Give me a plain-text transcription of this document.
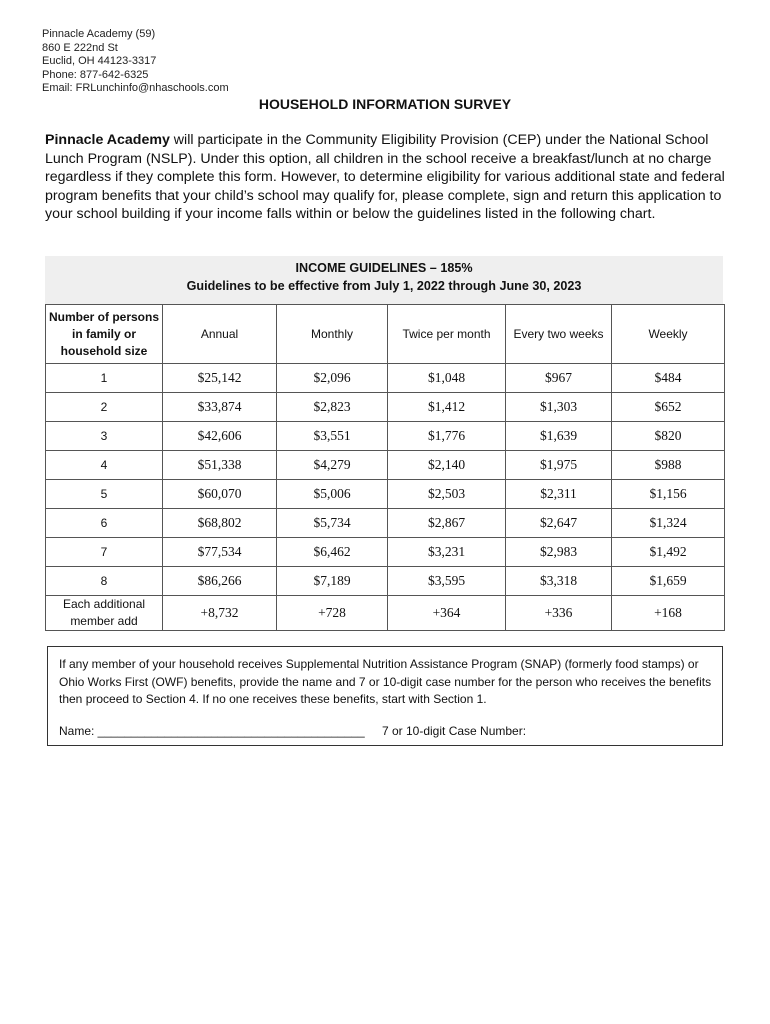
Pinnacle Academy (59)
860 E 222nd St
Euclid, OH 44123-3317
Phone: 877-642-6325
Email: FRLunchinfo@nhaschools.com
HOUSEHOLD INFORMATION SURVEY
Pinnacle Academy will participate in the Community Eligibility Provision (CEP) under the National School Lunch Program (NSLP). Under this option, all children in the school receive a breakfast/lunch at no charge regardless if they complete this form. However, to determine eligibility for various additional state and federal program benefits that your child’s school may qualify for, please complete, sign and return this application to your school building if your income falls within or below the guidelines listed in the following chart.
INCOME GUIDELINES – 185%
Guidelines to be effective from July 1, 2022 through June 30, 2023
Number of persons in family or household size	Annual	Monthly	Twice per month	Every two weeks	Weekly
1	$25,142	$2,096	$1,048	$967	$484
2	$33,874	$2,823	$1,412	$1,303	$652
3	$42,606	$3,551	$1,776	$1,639	$820
4	$51,338	$4,279	$2,140	$1,975	$988
5	$60,070	$5,006	$2,503	$2,311	$1,156
6	$68,802	$5,734	$2,867	$2,647	$1,324
7	$77,534	$6,462	$3,231	$2,983	$1,492
8	$86,266	$7,189	$3,595	$3,318	$1,659
Each additional member add	+8,732	+728	+364	+336	+168
If any member of your household receives Supplemental Nutrition Assistance Program (SNAP) (formerly food stamps) or Ohio Works First (OWF) benefits, provide the name and 7 or 10-digit case number for the person who receives the benefits then proceed to Section 4. If no one receives these benefits, start with Section 1.
Name: ________________________________________ 7 or 10-digit Case Number:
